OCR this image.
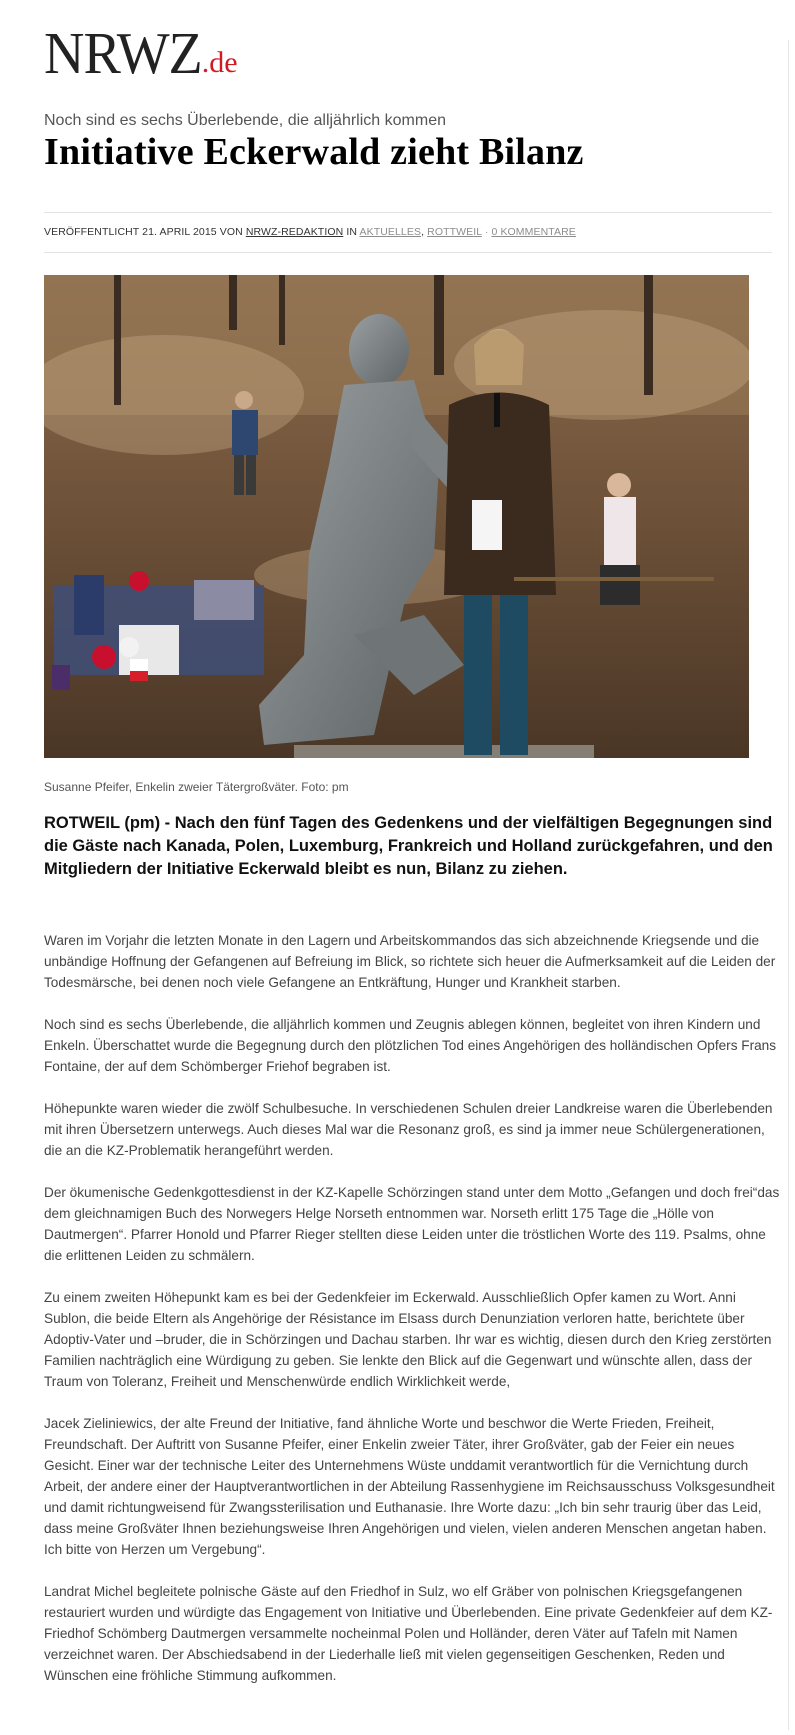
NRWZ.de
Noch sind es sechs Überlebende, die alljährlich kommen
Initiative Eckerwald zieht Bilanz
VERÖFFENTLICHT 21. APRIL 2015 VON NRWZ-REDAKTION IN AKTUELLES, ROTTWEIL · 0 KOMMENTARE
Susanne Pfeifer, Enkelin zweier Tätergroßväter. Foto: pm

ROTWEIL (pm) - Nach den fünf Tagen des Gedenkens und der vielfältigen Begegnungen sind die Gäste nach Kanada, Polen, Luxemburg, Frankreich und Holland zurückgefahren, und den Mitgliedern der Initiative Eckerwald bleibt es nun, Bilanz zu ziehen.

Waren im Vorjahr die letzten Monate in den Lagern und Arbeitskommandos das sich abzeichnende Kriegsende und die unbändige Hoffnung der Gefangenen auf Befreiung im Blick, so richtete sich heuer die Aufmerksamkeit auf die Leiden der Todesmärsche, bei denen noch viele Gefangene an Entkräftung, Hunger und Krankheit starben.

Noch sind es sechs Überlebende, die alljährlich kommen und Zeugnis ablegen können, begleitet von ihren Kindern und Enkeln. Überschattet wurde die Begegnung durch den plötzlichen Tod eines Angehörigen des holländischen Opfers Frans Fontaine, der auf dem Schömberger Friehof begraben ist.

Höhepunkte waren wieder die zwölf Schulbesuche. In verschiedenen Schulen dreier Landkreise waren die Überlebenden mit ihren Übersetzern unterwegs. Auch dieses Mal war die Resonanz groß, es sind ja immer neue Schülergenerationen, die an die KZ-Problematik herangeführt werden.

Der ökumenische Gedenkgottesdienst in der KZ-Kapelle Schörzingen stand unter dem Motto „Gefangen und doch frei“das dem gleichnamigen Buch des Norwegers Helge Norseth entnommen war. Norseth erlitt 175 Tage die „Hölle von Dautmergen“. Pfarrer Honold und Pfarrer Rieger stellten diese Leiden unter die tröstlichen Worte des 119. Psalms, ohne die erlittenen Leiden zu schmälern.

Zu einem zweiten Höhepunkt kam es bei der Gedenkfeier im Eckerwald. Ausschließlich Opfer kamen zu Wort. Anni Sublon, die beide Eltern als Angehörige der Résistance im Elsass durch Denunziation verloren hatte, berichtete über Adoptiv-Vater und –bruder, die in Schörzingen und Dachau starben. Ihr war es wichtig, diesen durch den Krieg zerstörten Familien nachträglich eine Würdigung zu geben. Sie lenkte den Blick auf die Gegenwart und wünschte allen, dass der Traum von Toleranz, Freiheit und Menschenwürde endlich Wirklichkeit werde,

Jacek Zieliniewics, der alte Freund der Initiative, fand ähnliche Worte und beschwor die Werte Frieden, Freiheit, Freundschaft. Der Auftritt von Susanne Pfeifer, einer Enkelin zweier Täter, ihrer Großväter, gab der Feier ein neues Gesicht. Einer war der technische Leiter des Unternehmens Wüste unddamit verantwortlich für die Vernichtung durch Arbeit, der andere einer der Hauptverantwortlichen in der Abteilung Rassenhygiene im Reichsausschuss Volksgesundheit und damit richtungweisend für Zwangssterilisation und Euthanasie. Ihre Worte dazu: „Ich bin sehr traurig über das Leid, dass meine Großväter Ihnen beziehungsweise Ihren Angehörigen und vielen, vielen anderen Menschen angetan haben. Ich bitte von Herzen um Vergebung“.

Landrat Michel begleitete polnische Gäste auf den Friedhof in Sulz, wo elf Gräber von polnischen Kriegsgefangenen restauriert wurden und würdigte das Engagement von Initiative und Überlebenden. Eine private Gedenkfeier auf dem KZ-Friedhof Schömberg Dautmergen versammelte nocheinmal Polen und Holländer, deren Väter auf Tafeln mit Namen verzeichnet waren. Der Abschiedsabend in der Liederhalle ließ mit vielen gegenseitigen Geschenken, Reden und Wünschen eine fröhliche Stimmung aufkommen.
